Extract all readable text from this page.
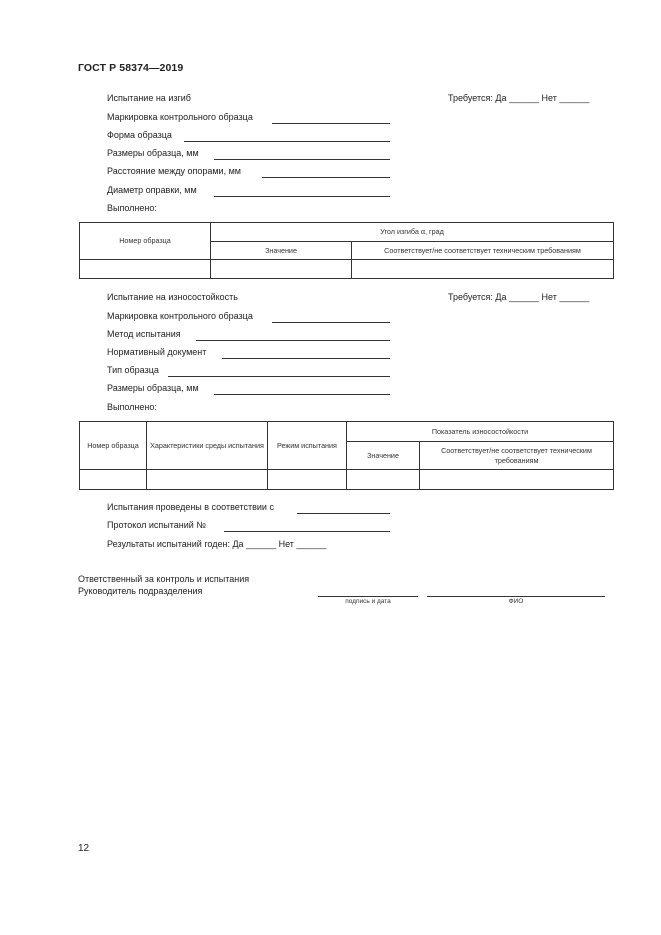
ГОСТ Р 58374—2019
Испытание на изгиб	Требуется: Да ______ Нет ______
Маркировка контрольного образца
Форма образца
Размеры образца, мм
Расстояние между опорами, мм
Диаметр оправки, мм
Выполнено:
Номер образца	Угол изгиба α, град	
	Значение	Соответствует/не соответствует техническим требованиям

Испытание на износостойкость	Требуется: Да ______ Нет ______
Маркировка контрольного образца
Метод испытания
Нормативный документ
Тип образца
Размеры образца, мм
Выполнено:
Номер образца	Характеристики среды испытания	Режим испытания	Показатель износостойкости	
			Значение	Соответствует/не соответствует техническим требованиям

Испытания проведены в соответствии с
Протокол испытаний №
Результаты испытаний годен: Да ______ Нет ______
Ответственный за контроль и испытания
Руководитель подразделения
подпись и дата	ФИО
12
